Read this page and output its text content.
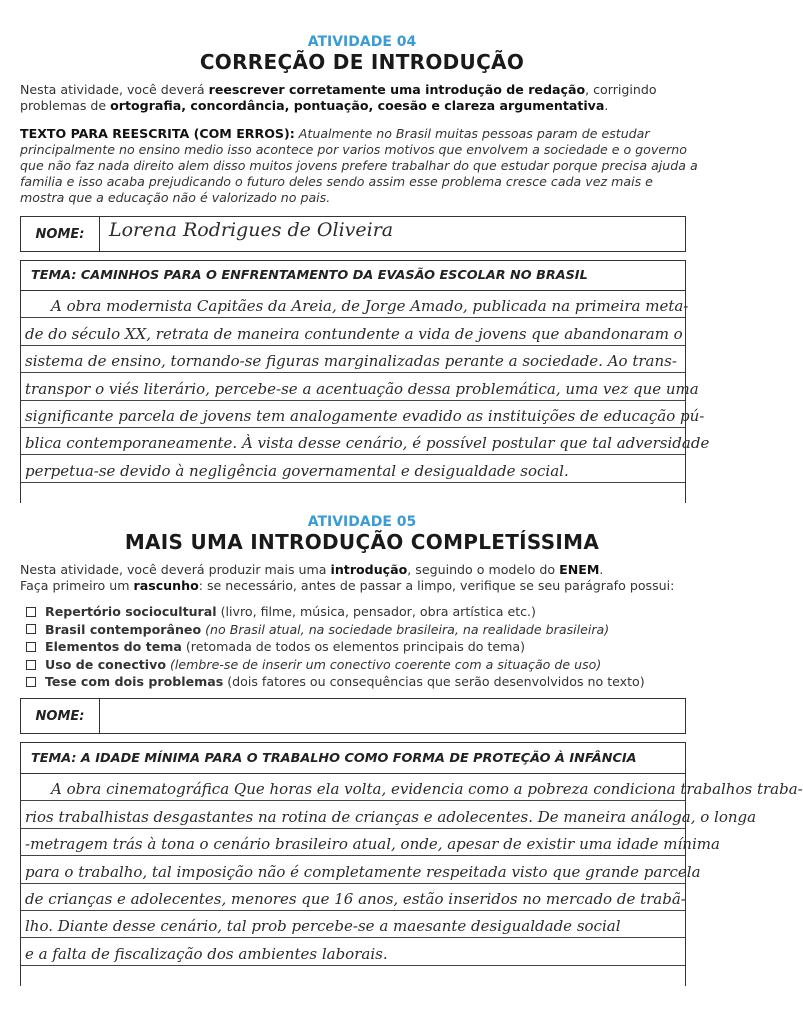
ATIVIDADE 04
CORREÇÃO DE INTRODUÇÃO
Nesta atividade, você deverá reescrever corretamente uma introdução de redação, corrigindo problemas de ortografia, concordância, pontuação, coesão e clareza argumentativa.
TEXTO PARA REESCRITA (COM ERROS): Atualmente no Brasil muitas pessoas param de estudar principalmente no ensino medio isso acontece por varios motivos que envolvem a sociedade e o governo que não faz nada direito alem disso muitos jovens prefere trabalhar do que estudar porque precisa ajuda a familia e isso acaba prejudicando o futuro deles sendo assim esse problema cresce cada vez mais e mostra que a educação não é valorizado no pais.
NOME:	Lorena Rodrigues de Oliveira
TEMA: CAMINHOS PARA O ENFRENTAMENTO DA EVASÃO ESCOLAR NO BRASIL
A obra modernista Capitães da Areia, de Jorge Amado, publicada na primeira meta-
de do século XX, retrata de maneira contundente a vida de jovens que abandonaram o
sistema de ensino, tornando-se figuras marginalizadas perante a sociedade. Ao trans-
transpor o viés literário, percebe-se a acentuação dessa problemática, uma vez que uma
significante parcela de jovens tem analogamente evadido as instituições de educação pú-
blica contemporaneamente. À vista desse cenário, é possível postular que tal adversidade
perpetua-se devido à negligência governamental e desigualdade social.
ATIVIDADE 05
MAIS UMA INTRODUÇÃO COMPLETÍSSIMA
Nesta atividade, você deverá produzir mais uma introdução, seguindo o modelo do ENEM.
Faça primeiro um rascunho: se necessário, antes de passar a limpo, verifique se seu parágrafo possui:
Repertório sociocultural (livro, filme, música, pensador, obra artística etc.)
Brasil contemporâneo (no Brasil atual, na sociedade brasileira, na realidade brasileira)
Elementos do tema (retomada de todos os elementos principais do tema)
Uso de conectivo (lembre-se de inserir um conectivo coerente com a situação de uso)
Tese com dois problemas (dois fatores ou consequências que serão desenvolvidos no texto)
NOME:
TEMA: A IDADE MÍNIMA PARA O TRABALHO COMO FORMA DE PROTEÇÃO À INFÂNCIA
A obra cinematográfica Que horas ela volta, evidencia como a pobreza condiciona trabalhos traba-
rios trabalhistas desgastantes na rotina de crianças e adolecentes. De maneira análoga, o longa
-metragem trás à tona o cenário brasileiro atual, onde, apesar de existir uma idade mínima
para o trabalho, tal imposição não é completamente respeitada visto que grande parcela
de crianças e adolecentes, menores que 16 anos, estão inseridos no mercado de trabã-
lho. Diante desse cenário, tal prob percebe-se a maesante desigualdade social
e a falta de fiscalização dos ambientes laborais.
